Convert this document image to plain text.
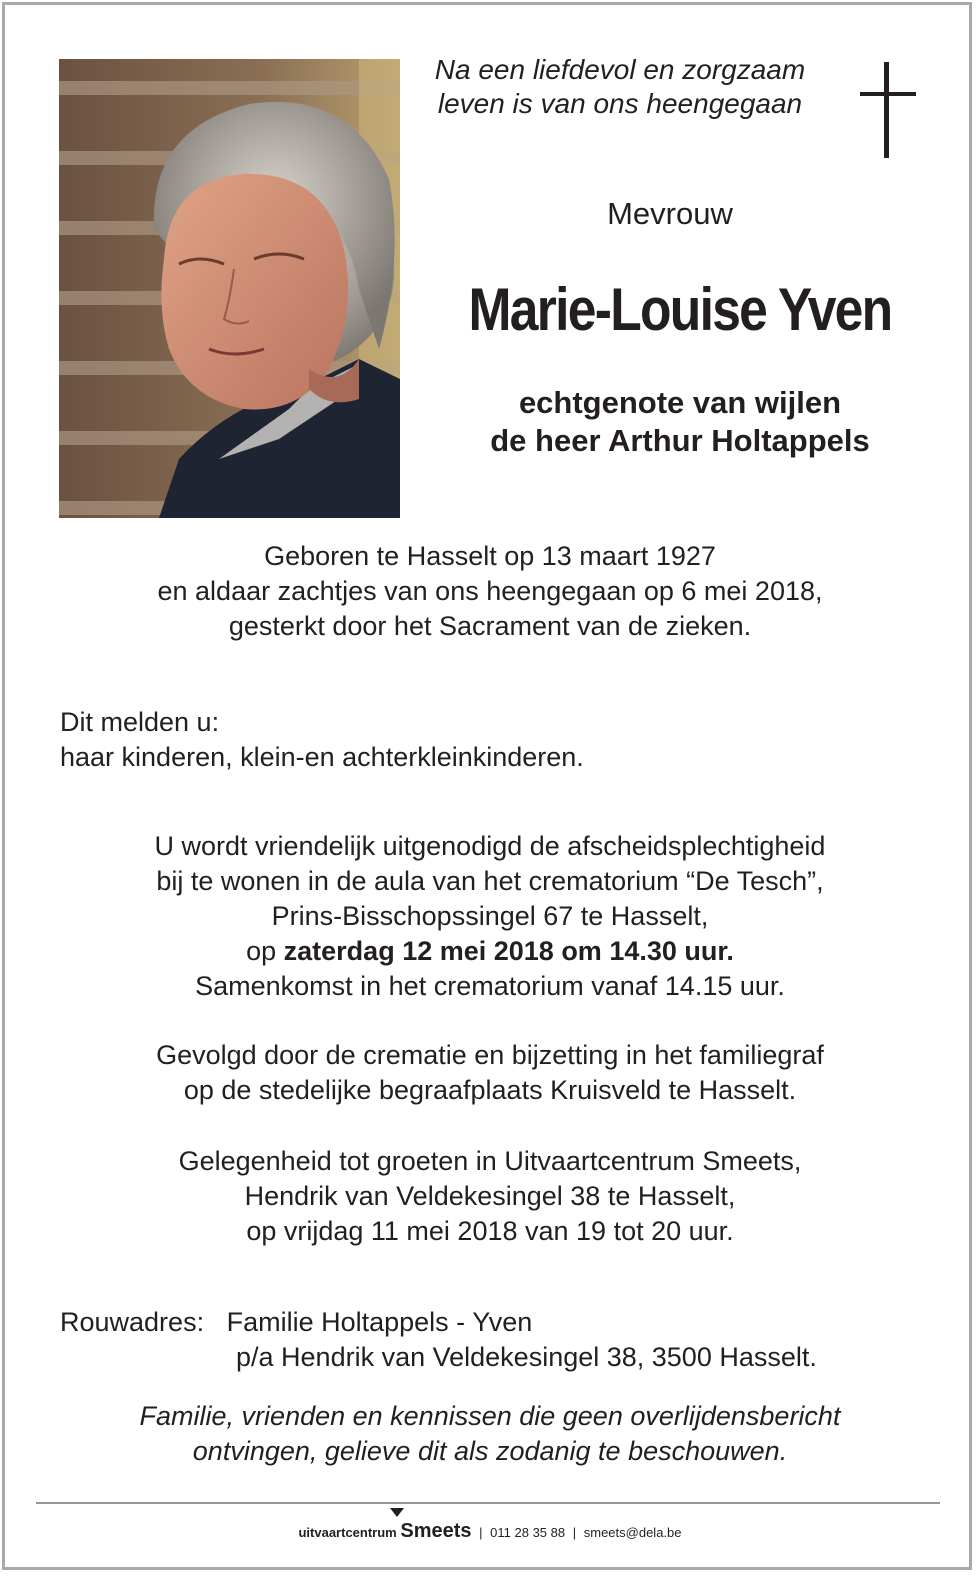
Na een liefdevol en zorgzaam
leven is van ons heengegaan
Mevrouw
Marie-Louise Yven
echtgenote van wijlen
de heer Arthur Holtappels
Geboren te Hasselt op 13 maart 1927
en aldaar zachtjes van ons heengegaan op 6 mei 2018,
gesterkt door het Sacrament van de zieken.
Dit melden u:
haar kinderen, klein-en achterkleinkinderen.
U wordt vriendelijk uitgenodigd de afscheidsplechtigheid
bij te wonen in de aula van het crematorium “De Tesch”,
Prins-Bisschopssingel 67 te Hasselt,
op zaterdag 12 mei 2018 om 14.30 uur.
Samenkomst in het crematorium vanaf 14.15 uur.
Gevolgd door de crematie en bijzetting in het familiegraf
op de stedelijke begraafplaats Kruisveld te Hasselt.
Gelegenheid tot groeten in Uitvaartcentrum Smeets,
Hendrik van Veldekesingel 38 te Hasselt,
op vrijdag 11 mei 2018 van 19 tot 20 uur.
Rouwadres: Familie Holtappels - Yven
p/a Hendrik van Veldekesingel 38, 3500 Hasselt.
Familie, vrienden en kennissen die geen overlijdensbericht
ontvingen, gelieve dit als zodanig te beschouwen.
uitvaartcentrum Smeets | 011 28 35 88 | smeets@dela.be
